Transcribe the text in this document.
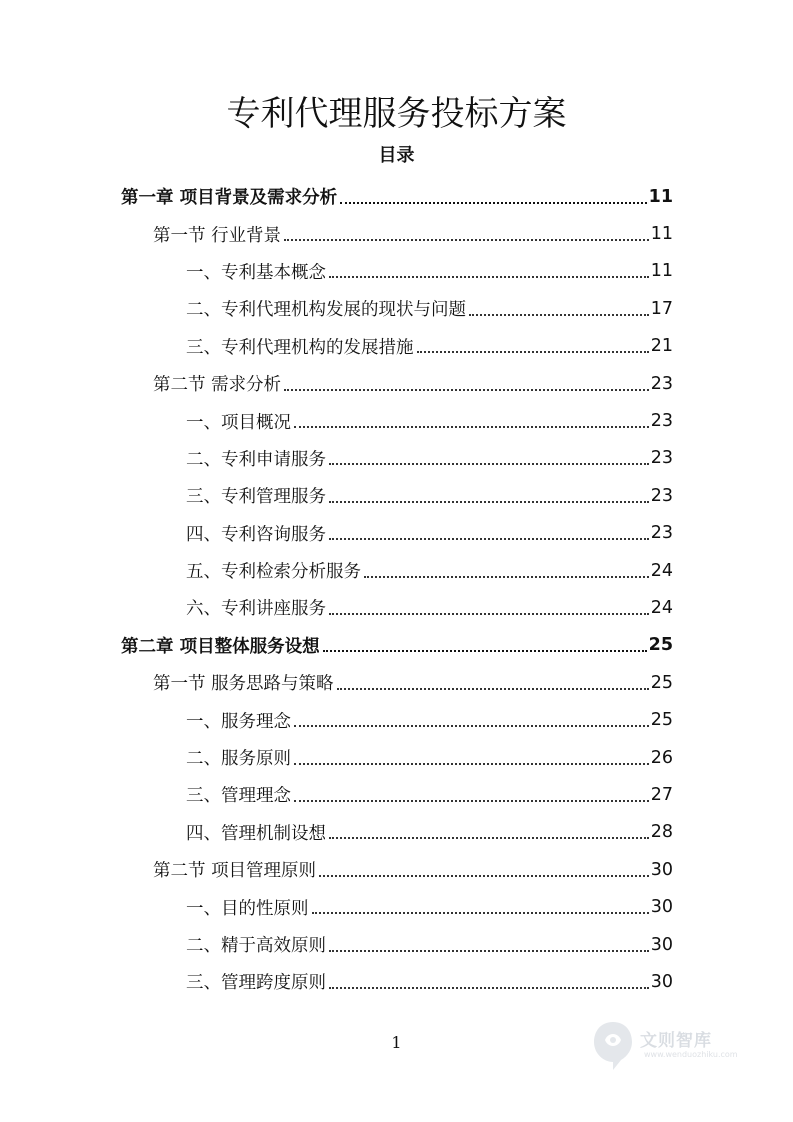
专利代理服务投标方案
目录
第一章 项目背景及需求分析	11
第一节 行业背景	11
一、专利基本概念	11
二、专利代理机构发展的现状与问题	17
三、专利代理机构的发展措施	21
第二节 需求分析	23
一、项目概况	23
二、专利申请服务	23
三、专利管理服务	23
四、专利咨询服务	23
五、专利检索分析服务	24
六、专利讲座服务	24
第二章 项目整体服务设想	25
第一节 服务思路与策略	25
一、服务理念	25
二、服务原则	26
三、管理理念	27
四、管理机制设想	28
第二节 项目管理原则	30
一、目的性原则	30
二、精于高效原则	30
三、管理跨度原则	30
1	文则智库
www.wenduozhiku.com
